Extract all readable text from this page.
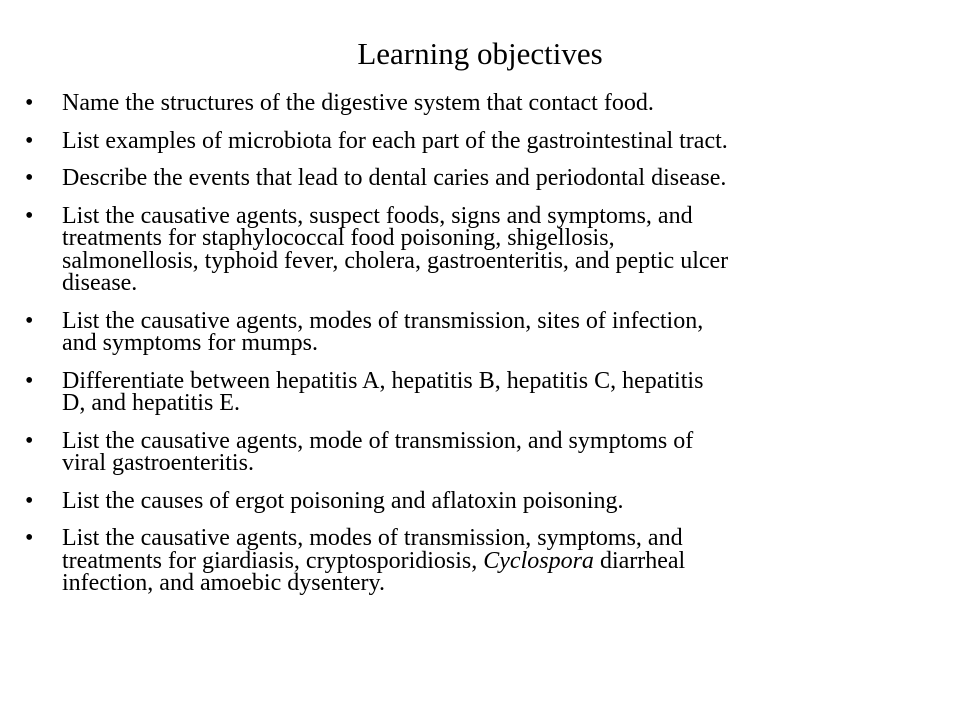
Learning objectives
• Name the structures of the digestive system that contact food.
• List examples of microbiota for each part of the gastrointestinal tract.
• Describe the events that lead to dental caries and periodontal disease.
• List the causative agents, suspect foods, signs and symptoms, and
treatments for staphylococcal food poisoning, shigellosis,
salmonellosis, typhoid fever, cholera, gastroenteritis, and peptic ulcer
disease.
• List the causative agents, modes of transmission, sites of infection,
and symptoms for mumps.
• Differentiate between hepatitis A, hepatitis B, hepatitis C, hepatitis
D, and hepatitis E.
• List the causative agents, mode of transmission, and symptoms of
viral gastroenteritis.
• List the causes of ergot poisoning and aflatoxin poisoning.
• List the causative agents, modes of transmission, symptoms, and
treatments for giardiasis, cryptosporidiosis, Cyclospora diarrheal
infection, and amoebic dysentery.
